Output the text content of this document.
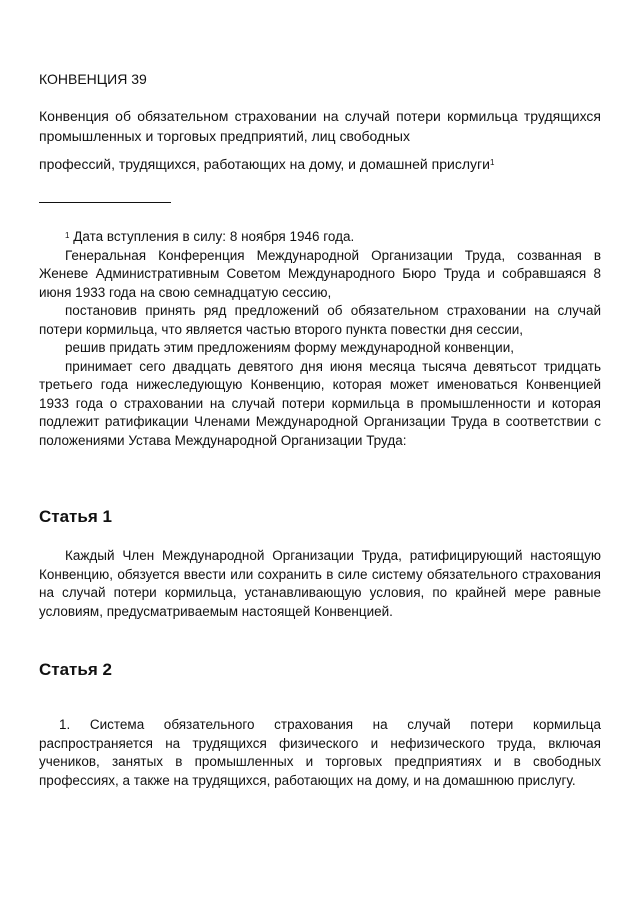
КОНВЕНЦИЯ 39
Конвенция об обязательном страховании на случай потери кормильца трудящихся промышленных и торговых предприятий, лиц свободных
профессий, трудящихся, работающих на дому, и домашней прислуги$^1$

$^1$ Дата вступления в силу: 8 ноября 1946 года.

Генеральная Конференция Международной Организации Труда, созванная в Женеве Административным Советом Международного Бюро Труда и собравшаяся 8 июня 1933 года на свою семнадцатую сессию,

постановив принять ряд предложений об обязательном страховании на случай потери кормильца, что является частью второго пункта повестки дня сессии,

решив придать этим предложениям форму международной конвенции,

принимает сего двадцать девятого дня июня месяца тысяча девятьсот тридцать третьего года нижеследующую Конвенцию, которая может именоваться Конвенцией 1933 года о страховании на случай потери кормильца в промышленности и которая подлежит ратификации Членами Международной Организации Труда в соответствии с положениями Устава Международной Организации Труда:

Статья 1

Каждый Член Международной Организации Труда, ратифицирующий настоящую Конвенцию, обязуется ввести или сохранить в силе систему обязательного страхования на случай потери кормильца, устанавливающую условия, по крайней мере равные условиям, предусматриваемым настоящей Конвенцией.

Статья 2

1. Система обязательного страхования на случай потери кормильца распространяется на трудящихся физического и нефизического труда, включая учеников, занятых в промышленных и торговых предприятиях и в свободных профессиях, а также на трудящихся, работающих на дому, и на домашнюю прислугу.
